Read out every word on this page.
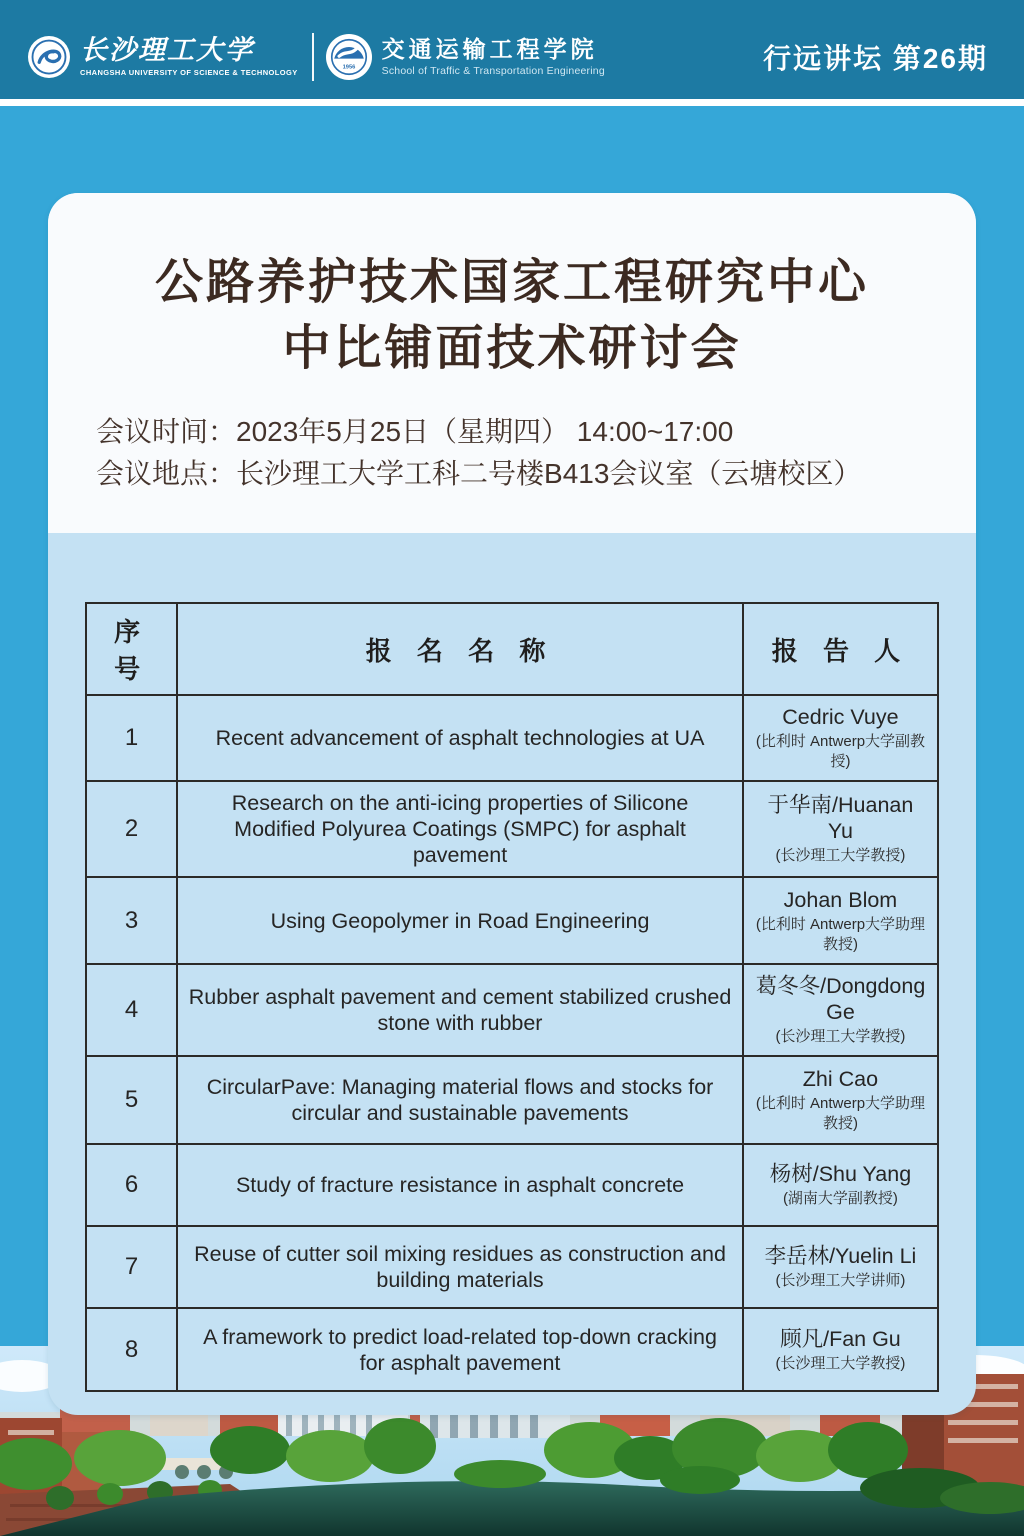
长沙理工大学
CHANGSHA UNIVERSITY OF SCIENCE & TECHNOLOGY
1956
交通运输工程学院
School of Traffic & Transportation Engineering	行远讲坛 第26期
公路养护技术国家工程研究中心
中比铺面技术研讨会
会议时间：2023年5月25日（星期四） 14:00~17:00
会议地点：长沙理工大学工科二号楼B413会议室（云塘校区）
序 号	报 名 名 称	报 告 人
1	Recent advancement of asphalt technologies at UA	Cedric Vuye
(比利时 Antwerp大学副教授)

2	Research on the anti-icing properties of Silicone Modified Polyurea Coatings (SMPC) for asphalt pavement	于华南/Huanan Yu
(长沙理工大学教授)

3	Using Geopolymer in Road Engineering	Johan Blom
(比利时 Antwerp大学助理教授)

4	Rubber asphalt pavement and cement stabilized crushed stone with rubber	葛冬冬/Dongdong Ge
(长沙理工大学教授)

5	CircularPave: Managing material flows and stocks for circular and sustainable pavements	Zhi Cao
(比利时 Antwerp大学助理教授)

6	Study of fracture resistance in asphalt concrete	杨树/Shu Yang
(湖南大学副教授)

7	Reuse of cutter soil mixing residues as construction and building materials	李岳林/Yuelin Li
(长沙理工大学讲师)

8	A framework to predict load-related top-down cracking for asphalt pavement	顾凡/Fan Gu
(长沙理工大学教授)
